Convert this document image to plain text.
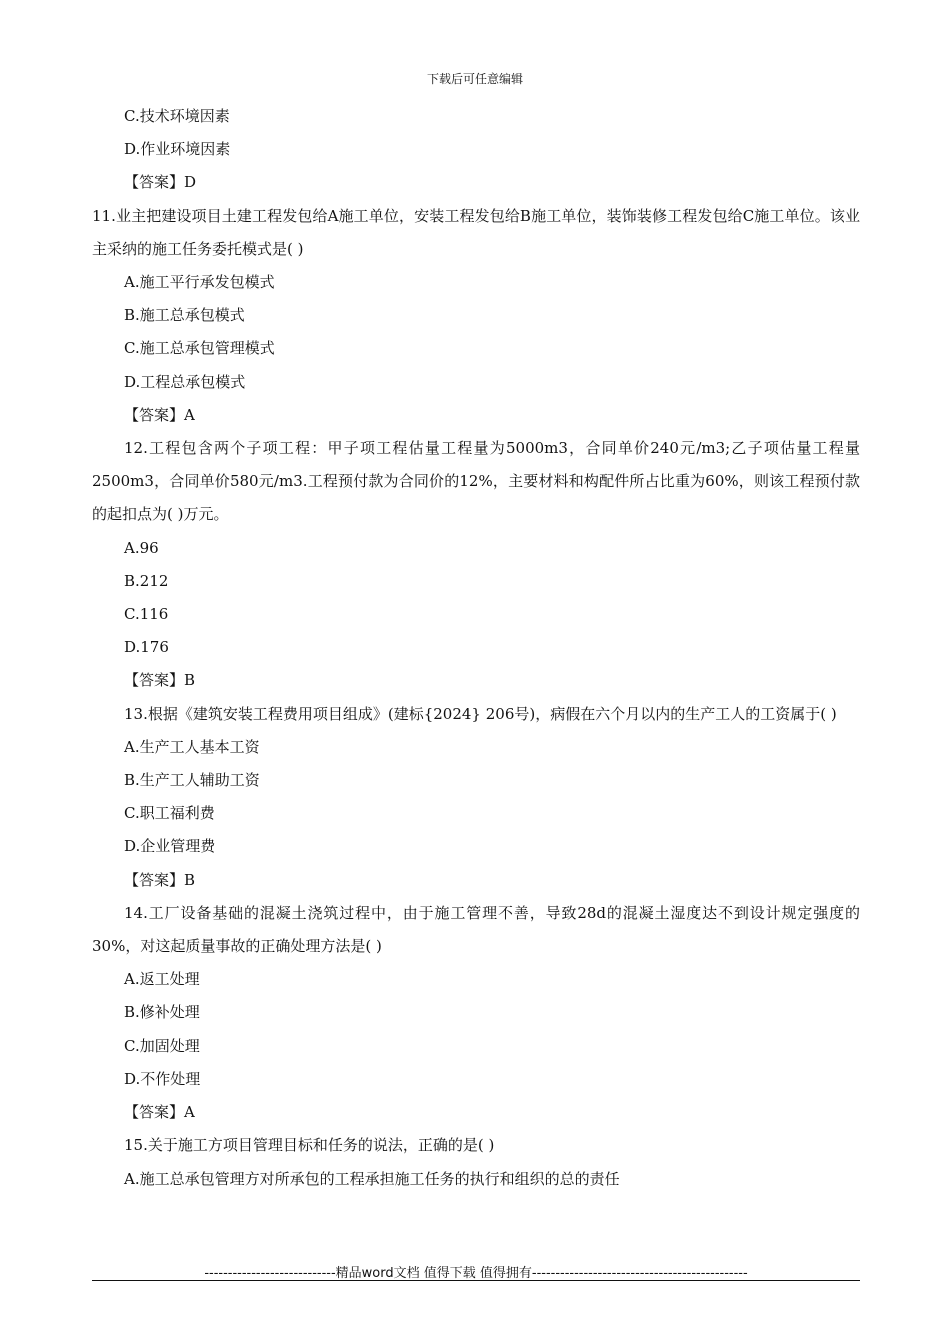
下载后可任意编辑
C.技术环境因素
D.作业环境因素
【答案】D
11.业主把建设项目土建工程发包给A施工单位，安装工程发包给B施工单位，装饰装修工程发包给C施工单位。该业主采纳的施工任务委托模式是( )
A.施工平行承发包模式
B.施工总承包模式
C.施工总承包管理模式
D.工程总承包模式
【答案】A
12.工程包含两个子项工程：甲子项工程估量工程量为5000m3，合同单价240元/m3;乙子项估量工程量2500m3，合同单价580元/m3.工程预付款为合同价的12%，主要材料和构配件所占比重为60%，则该工程预付款的起扣点为( )万元。
A.96
B.212
C.116
D.176
【答案】B
13.根据《建筑安装工程费用项目组成》(建标{2024} 206号)，病假在六个月以内的生产工人的工资属于( )
A.生产工人基本工资
B.生产工人辅助工资
C.职工福利费
D.企业管理费
【答案】B
14.工厂设备基础的混凝土浇筑过程中，由于施工管理不善，导致28d的混凝土湿度达不到设计规定强度的30%，对这起质量事故的正确处理方法是( )
A.返工处理
B.修补处理
C.加固处理
D.不作处理
【答案】A
15.关于施工方项目管理目标和任务的说法，正确的是( )
A.施工总承包管理方对所承包的工程承担施工任务的执行和组织的总的责任
----------------------------精品word文档 值得下载 值得拥有----------------------------------------------
